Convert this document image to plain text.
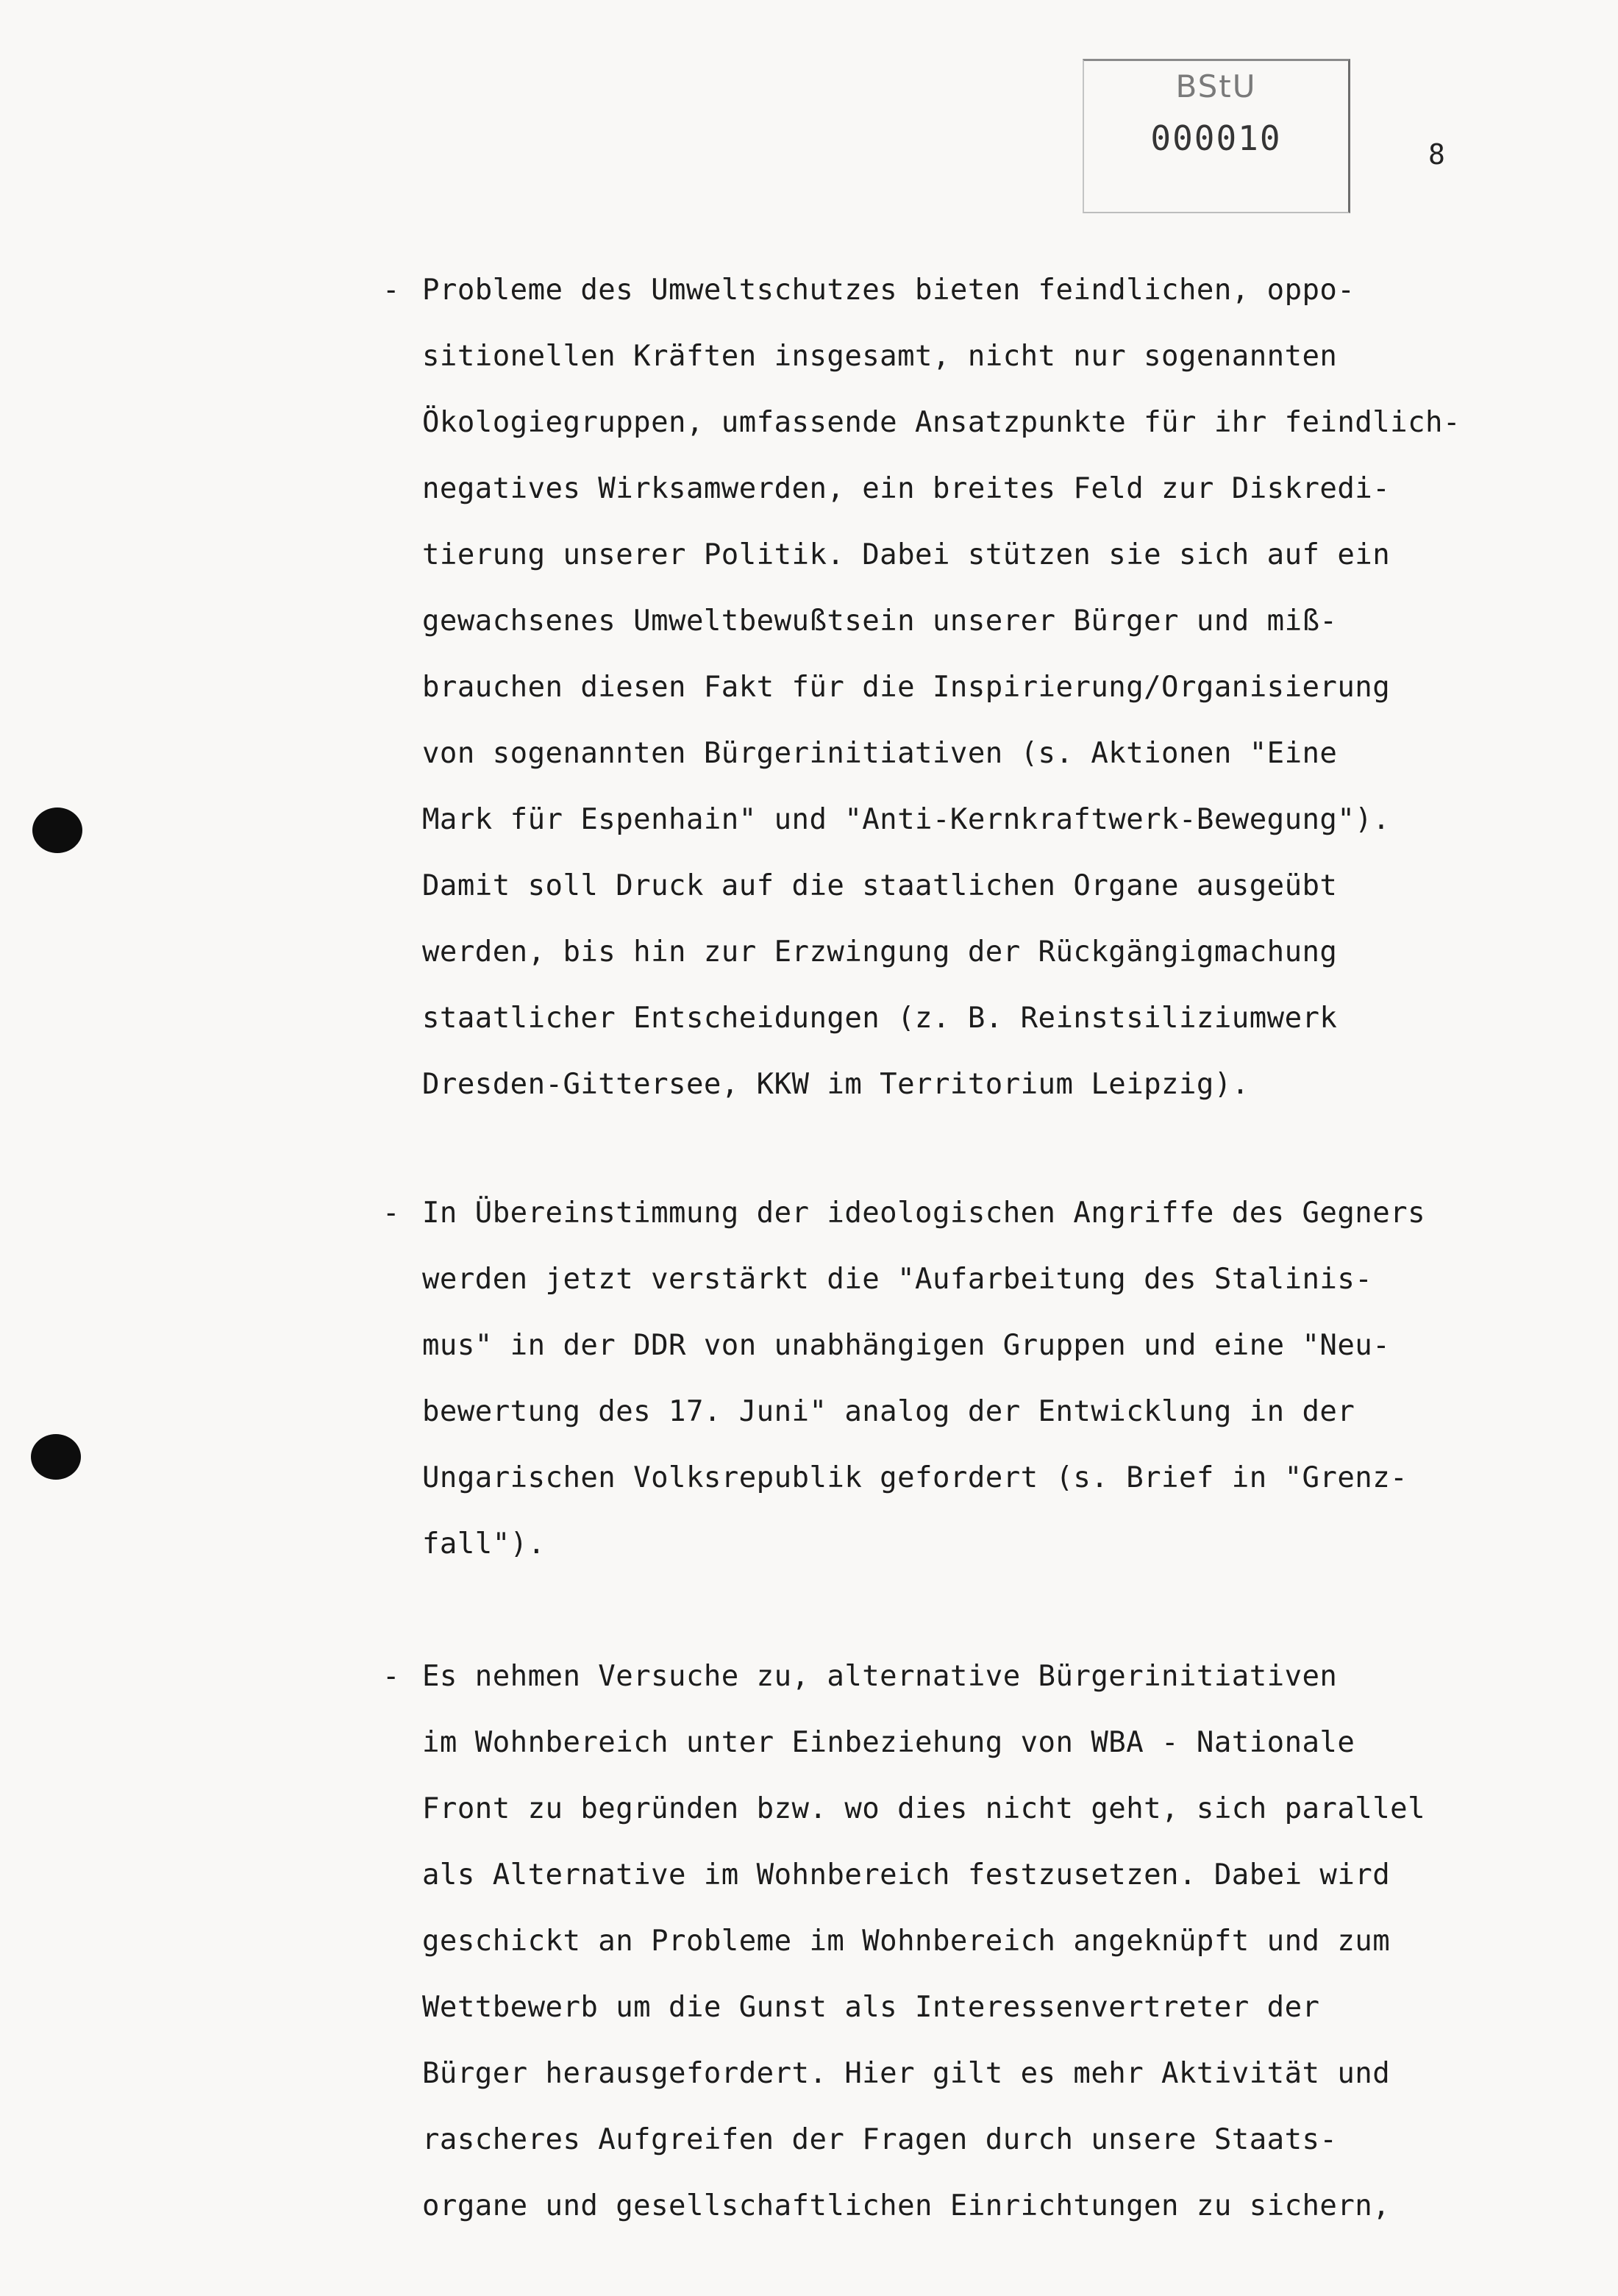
BStU
000010	8
- Probleme des Umweltschutzes bieten feindlichen, oppo-
sitionellen Kräften insgesamt, nicht nur sogenannten
Ökologiegruppen, umfassende Ansatzpunkte für ihr feindlich-
negatives Wirksamwerden, ein breites Feld zur Diskredi-
tierung unserer Politik. Dabei stützen sie sich auf ein
gewachsenes Umweltbewußtsein unserer Bürger und miß-
brauchen diesen Fakt für die Inspirierung/Organisierung
von sogenannten Bürgerinitiativen (s. Aktionen "Eine
Mark für Espenhain" und "Anti-Kernkraftwerk-Bewegung").
Damit soll Druck auf die staatlichen Organe ausgeübt
werden, bis hin zur Erzwingung der Rückgängigmachung
staatlicher Entscheidungen (z. B. Reinstsiliziumwerk
Dresden-Gittersee, KKW im Territorium Leipzig).
- In Übereinstimmung der ideologischen Angriffe des Gegners
werden jetzt verstärkt die "Aufarbeitung des Stalinis-
mus" in der DDR von unabhängigen Gruppen und eine "Neu-
bewertung des 17. Juni" analog der Entwicklung in der
Ungarischen Volksrepublik gefordert (s. Brief in "Grenz-
fall").
- Es nehmen Versuche zu, alternative Bürgerinitiativen
im Wohnbereich unter Einbeziehung von WBA - Nationale
Front zu begründen bzw. wo dies nicht geht, sich parallel
als Alternative im Wohnbereich festzusetzen. Dabei wird
geschickt an Probleme im Wohnbereich angeknüpft und zum
Wettbewerb um die Gunst als Interessenvertreter der
Bürger herausgefordert. Hier gilt es mehr Aktivität und
rascheres Aufgreifen der Fragen durch unsere Staats-
organe und gesellschaftlichen Einrichtungen zu sichern,
